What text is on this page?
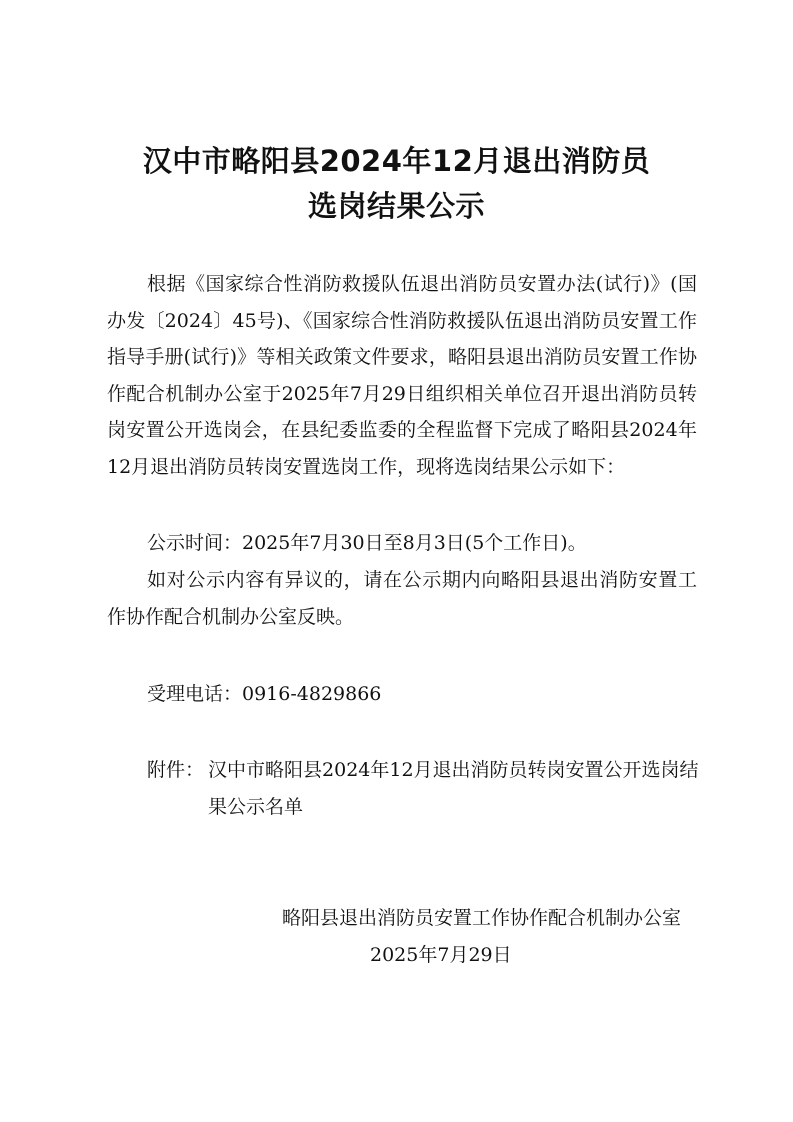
汉中市略阳县2024年12月退出消防员
选岗结果公示
根据《国家综合性消防救援队伍退出消防员安置办法(试行)》(国办发〔2024〕45号)、《国家综合性消防救援队伍退出消防员安置工作指导手册(试行)》等相关政策文件要求，略阳县退出消防员安置工作协作配合机制办公室于2025年7月29日组织相关单位召开退出消防员转岗安置公开选岗会，在县纪委监委的全程监督下完成了略阳县2024年12月退出消防员转岗安置选岗工作，现将选岗结果公示如下：
公示时间：2025年7月30日至8月3日(5个工作日)。
如对公示内容有异议的，请在公示期内向略阳县退出消防安置工作协作配合机制办公室反映。
受理电话：0916-4829866
附件： 汉中市略阳县2024年12月退出消防员转岗安置公开选岗结果公示名单
略阳县退出消防员安置工作协作配合机制办公室
2025年7月29日
